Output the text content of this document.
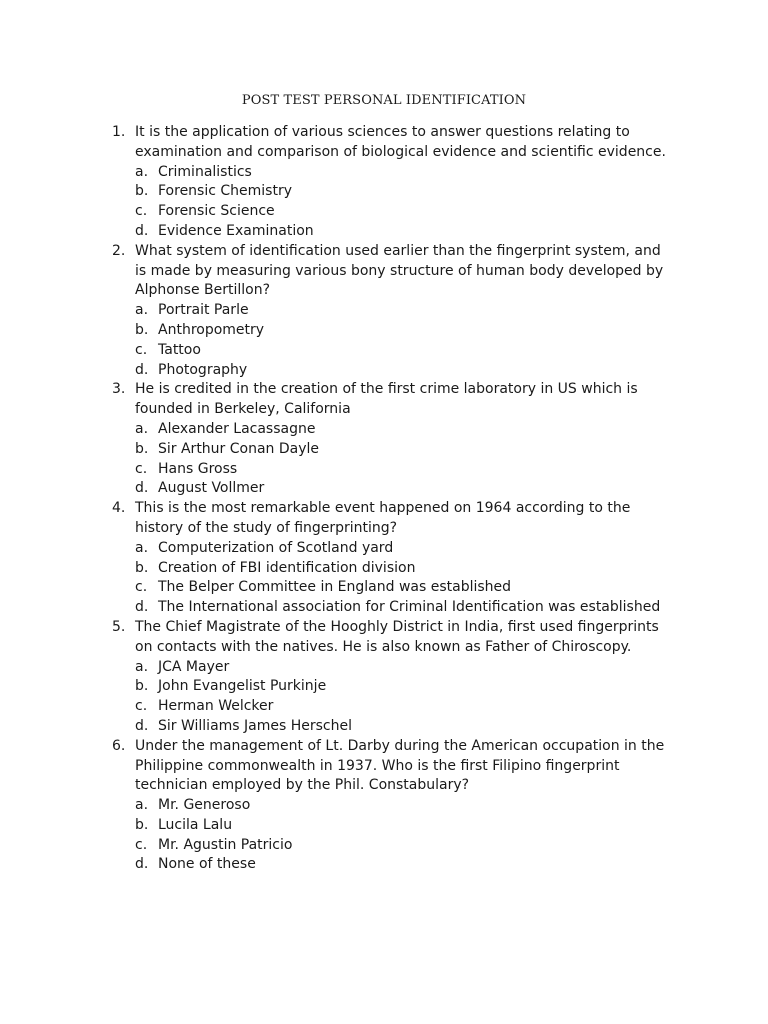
POST TEST PERSONAL IDENTIFICATION
1. It is the application of various sciences to answer questions relating to examination and comparison of biological evidence and scientific evidence.
a. Criminalistics
b. Forensic Chemistry
c. Forensic Science
d. Evidence Examination
2. What system of identification used earlier than the fingerprint system, and is made by measuring various bony structure of human body developed by Alphonse Bertillon?
a. Portrait Parle
b. Anthropometry
c. Tattoo
d. Photography
3. He is credited in the creation of the first crime laboratory in US which is founded in Berkeley, California
a. Alexander Lacassagne
b. Sir Arthur Conan Dayle
c. Hans Gross
d. August Vollmer
4. This is the most remarkable event happened on 1964 according to the history of the study of fingerprinting?
a. Computerization of Scotland yard
b. Creation of FBI identification division
c. The Belper Committee in England was established
d. The International association for Criminal Identification was established
5. The Chief Magistrate of the Hooghly District in India, first used fingerprints on contacts with the natives. He is also known as Father of Chiroscopy.
a. JCA Mayer
b. John Evangelist Purkinje
c. Herman Welcker
d. Sir Williams James Herschel
6. Under the management of Lt. Darby during the American occupation in the Philippine commonwealth in 1937. Who is the first Filipino fingerprint technician employed by the Phil. Constabulary?
a. Mr. Generoso
b. Lucila Lalu
c. Mr. Agustin Patricio
d. None of these
